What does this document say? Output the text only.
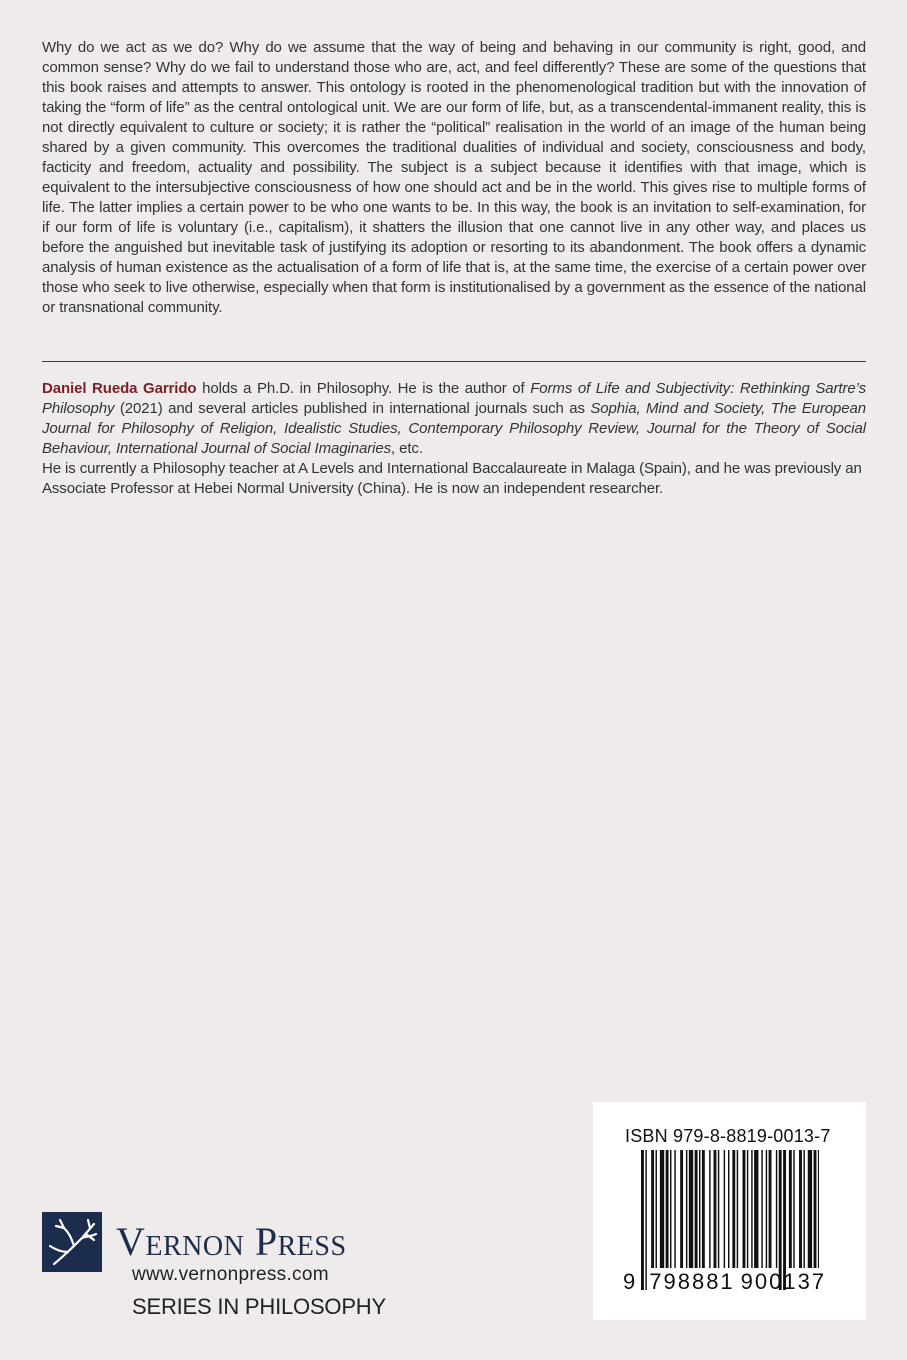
Why do we act as we do? Why do we assume that the way of being and behaving in our community is right, good, and common sense? Why do we fail to understand those who are, act, and feel differently? These are some of the questions that this book raises and attempts to answer. This ontology is rooted in the phenomenological tradition but with the innovation of taking the “form of life” as the central ontological unit. We are our form of life, but, as a transcendental-immanent reality, this is not directly equivalent to culture or society; it is rather the “political” realisation in the world of an image of the human being shared by a given community. This overcomes the traditional dualities of individual and society, consciousness and body, facticity and freedom, actuality and possibility. The subject is a subject because it identifies with that image, which is equivalent to the intersubjective consciousness of how one should act and be in the world. This gives rise to multiple forms of life. The latter implies a certain power to be who one wants to be. In this way, the book is an invitation to self-examination, for if our form of life is voluntary (i.e., capitalism), it shatters the illusion that one cannot live in any other way, and places us before the anguished but inevitable task of justifying its adoption or resorting to its abandonment. The book offers a dynamic analysis of human existence as the actualisation of a form of life that is, at the same time, the exercise of a certain power over those who seek to live otherwise, especially when that form is institutionalised by a government as the essence of the national or transnational community.

Daniel Rueda Garrido holds a Ph.D. in Philosophy. He is the author of Forms of Life and Subjectivity: Rethinking Sartre’s Philosophy (2021) and several articles published in international journals such as Sophia, Mind and Society, The European Journal for Philosophy of Religion, Idealistic Studies, Contemporary Philosophy Review, Journal for the Theory of Social Behaviour, International Journal of Social Imaginaries, etc.

He is currently a Philosophy teacher at A Levels and International Baccalaureate in Malaga (Spain), and he was previously an Associate Professor at Hebei Normal University (China). He is now an independent researcher.

ISBN 979-8-8819-0013-7
9 798881 900137
Vernon Press
www.vernonpress.com
SERIES IN PHILOSOPHY
